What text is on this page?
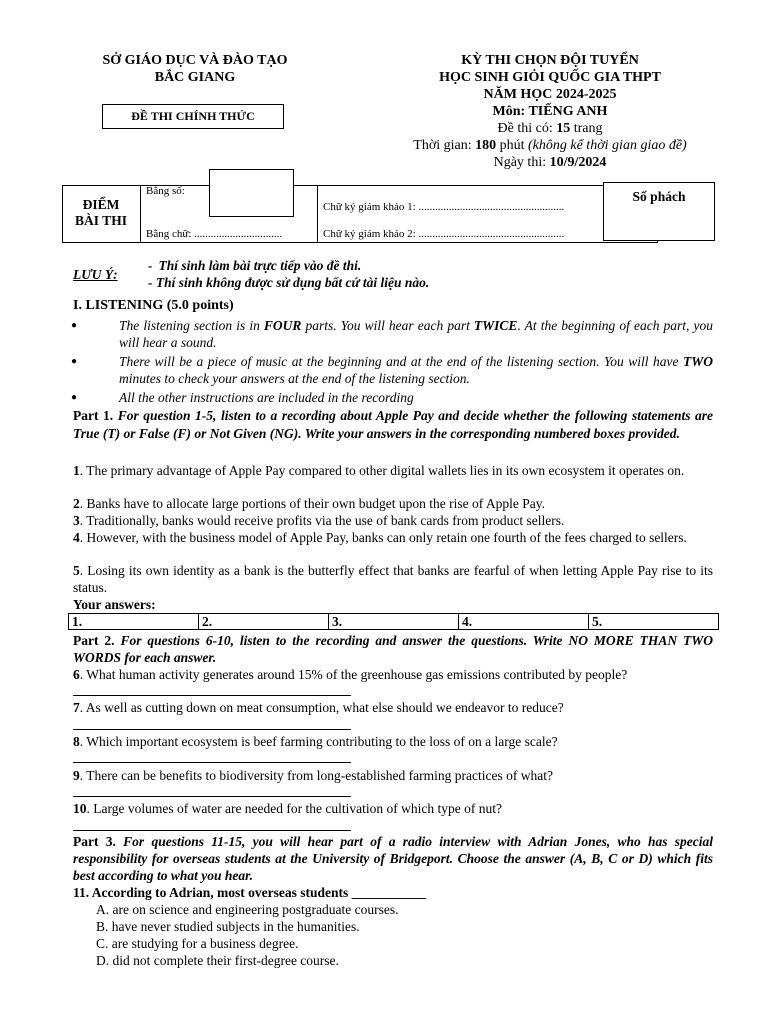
SỞ GIÁO DỤC VÀ ĐÀO TẠO
BẮC GIANG
ĐỀ THI CHÍNH THỨC
KỲ THI CHỌN ĐỘI TUYỂN
HỌC SINH GIỎI QUỐC GIA THPT
NĂM HỌC 2024-2025
Môn: TIẾNG ANH
Đề thi có: 15 trang
Thời gian: 180 phút (không kể thời gian giao đề)
Ngày thi: 10/9/2024
ĐIỂM
BÀI THI
Bằng số:
Bằng chữ: ................................
Chữ ký giám khảo 1: .....................................................
Chữ ký giám khảo 2: .....................................................
Số phách
LƯU Ý:
- Thí sinh làm bài trực tiếp vào đề thi.
- Thí sinh không được sử dụng bất cứ tài liệu nào.
I. LISTENING (5.0 points)
●	The listening section is in FOUR parts. You will hear each part TWICE. At the beginning of each part, you will hear a sound.
●	There will be a piece of music at the beginning and at the end of the listening section. You will have TWO minutes to check your answers at the end of the listening section.
●	All the other instructions are included in the recording
Part 1. For question 1-5, listen to a recording about Apple Pay and decide whether the following statements are True (T) or False (F) or Not Given (NG). Write your answers in the corresponding numbered boxes provided.
1. The primary advantage of Apple Pay compared to other digital wallets lies in its own ecosystem it operates on.
2. Banks have to allocate large portions of their own budget upon the rise of Apple Pay.
3. Traditionally, banks would receive profits via the use of bank cards from product sellers.
4. However, with the business model of Apple Pay, banks can only retain one fourth of the fees charged to sellers.
5. Losing its own identity as a bank is the butterfly effect that banks are fearful of when letting Apple Pay rise to its status.
Your answers:
1.	2.	3.	4.	5.
Part 2. For questions 6-10, listen to the recording and answer the questions. Write NO MORE THAN TWO WORDS for each answer.
6. What human activity generates around 15% of the greenhouse gas emissions contributed by people?
7. As well as cutting down on meat consumption, what else should we endeavor to reduce?
8. Which important ecosystem is beef farming contributing to the loss of on a large scale?
9. There can be benefits to biodiversity from long-established farming practices of what?
10. Large volumes of water are needed for the cultivation of which type of nut?
Part 3. For questions 11-15, you will hear part of a radio interview with Adrian Jones, who has special responsibility for overseas students at the University of Bridgeport. Choose the answer (A, B, C or D) which fits best according to what you hear.
11. According to Adrian, most overseas students ___________
A. are on science and engineering postgraduate courses.
B. have never studied subjects in the humanities.
C. are studying for a business degree.
D. did not complete their first-degree course.
